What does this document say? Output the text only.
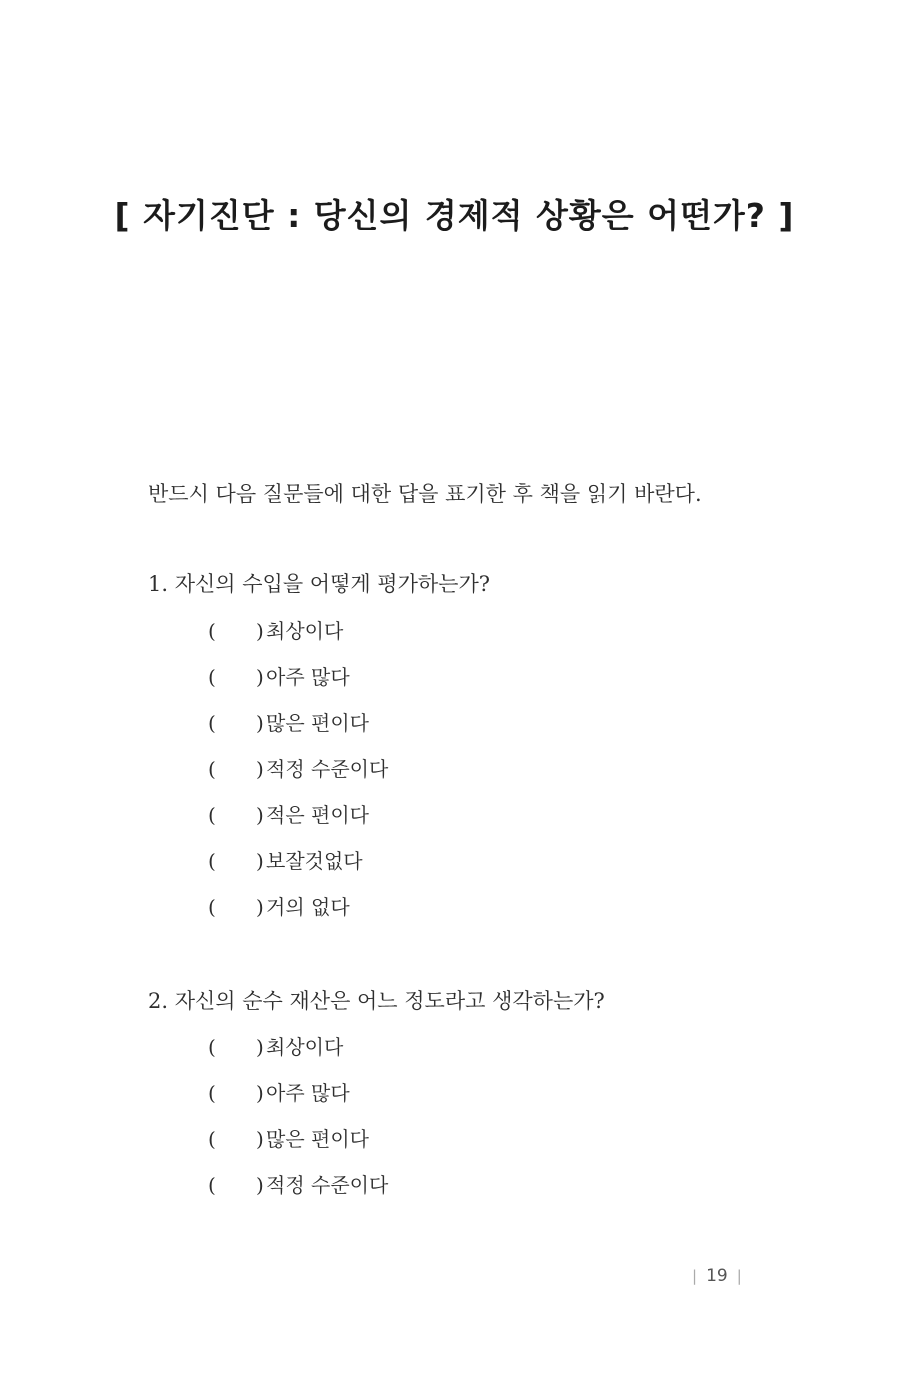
[ 자기진단 : 당신의 경제적 상황은 어떤가? ]
반드시 다음 질문들에 대한 답을 표기한 후 책을 읽기 바란다.
1. 자신의 수입을 어떻게 평가하는가?
( ) 최상이다
( ) 아주 많다
( ) 많은 편이다
( ) 적정 수준이다
( ) 적은 편이다
( ) 보잘것없다
( ) 거의 없다
2. 자신의 순수 재산은 어느 정도라고 생각하는가?
( ) 최상이다
( ) 아주 많다
( ) 많은 편이다
( ) 적정 수준이다
| 19 |
